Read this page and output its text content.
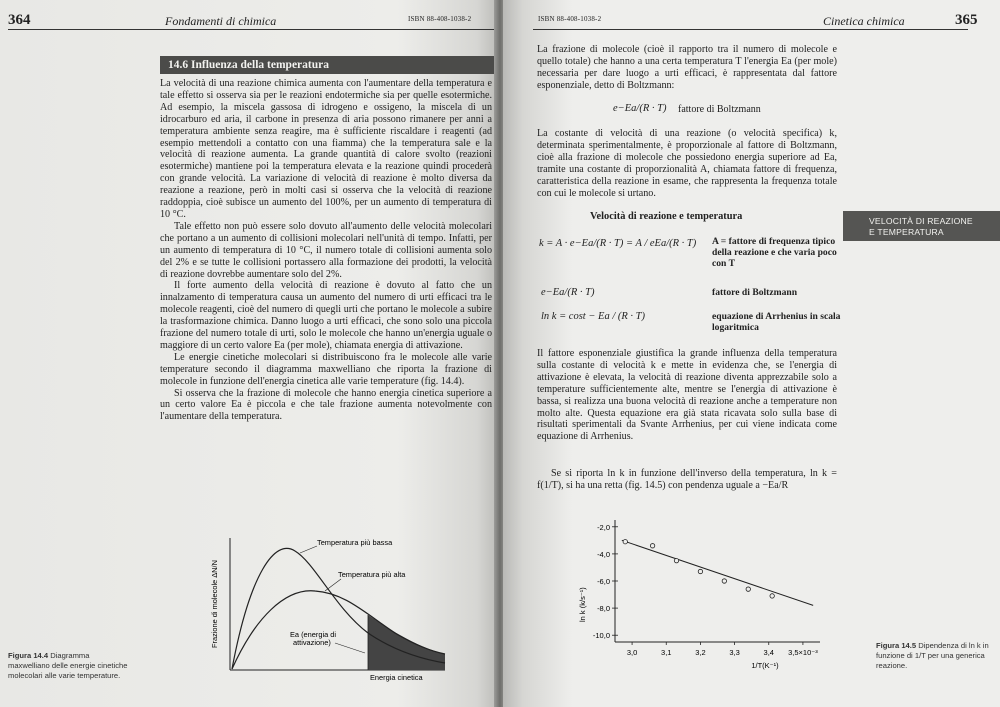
364	Fondamenti di chimica	ISBN 88-408-1038-2
14.6 Influenza della temperatura

La velocità di una reazione chimica aumenta con l'aumentare della temperatura e tale effetto si osserva sia per le reazioni endotermiche sia per quelle esotermiche. Ad esempio, la miscela gassosa di idrogeno e ossigeno, la miscela di un idrocarburo ed aria, il carbone in presenza di aria possono rimanere per anni a temperatura ambiente senza reagire, ma è sufficiente riscaldare i reagenti (ad esempio mettendoli a contatto con una fiamma) che la temperatura sale e la velocità di reazione aumenta. La grande quantità di calore svolto (reazioni esotermiche) mantiene poi la temperatura elevata e la reazione quindi procederà con grande velocità. La variazione di velocità di reazione è molto diversa da reazione a reazione, però in molti casi si osserva che la velocità di reazione raddoppia, cioè subisce un aumento del 100%, per un aumento di temperatura di 10 °C.

Tale effetto non può essere solo dovuto all'aumento delle velocità molecolari che portano a un aumento di collisioni molecolari nell'unità di tempo. Infatti, per un aumento di temperatura di 10 °C, il numero totale di collisioni aumenta solo del 2% e se tutte le collisioni portassero alla formazione dei prodotti, la velocità di reazione dovrebbe aumentare solo del 2%.

Il forte aumento della velocità di reazione è dovuto al fatto che un innalzamento di temperatura causa un aumento del numero di urti efficaci tra le molecole reagenti, cioè del numero di quegli urti che portano le molecole a subire la trasformazione chimica. Danno luogo a urti efficaci, che sono solo una piccola frazione del numero totale di urti, solo le molecole che hanno un'energia uguale o maggiore di un certo valore Ea (per mole), chiamata energia di attivazione.

Le energie cinetiche molecolari si distribuiscono fra le molecole alle varie temperature secondo il diagramma maxwelliano che riporta la frazione di molecole in funzione dell'energia cinetica alle varie temperature (fig. 14.4).

Si osserva che la frazione di molecole che hanno energia cinetica superiore a un certo valore Ea è piccola e che tale frazione aumenta notevolmente con l'aumentare della temperatura.

Temperatura più bassa
Temperatura più alta
Ea (energia di
attivazione)
Energia cinetica
Frazione di molecole ΔN/N
Figura 14.4 Diagramma maxwelliano delle energie cinetiche molecolari alle varie temperature.
ISBN 88-408-1038-2	Cinetica chimica	365
La frazione di molecole (cioè il rapporto tra il numero di molecole e quello totale) che hanno a una certa temperatura T l'energia Ea (per mole) necessaria per dare luogo a urti efficaci, è rappresentata dal fattore esponenziale, detto di Boltzmann:
e−Ea/(R · T) fattore di Boltzmann
La costante di velocità di una reazione (o velocità specifica) k, determinata sperimentalmente, è proporzionale al fattore di Boltzmann, cioè alla frazione di molecole che possiedono energia superiore ad Ea, tramite una costante di proporzionalità A, chiamata fattore di frequenza, caratteristica della reazione in esame, che rappresenta la frequenza totale con cui le molecole si urtano.
Velocità di reazione e temperatura
k = A · e−Ea/(R · T) = A / eEa/(R · T)	A = fattore di frequenza tipico della reazione e che varia poco con T
e−Ea/(R · T)	fattore di Boltzmann
ln k = cost − Ea / (R · T)	equazione di Arrhenius in scala logaritmica
Il fattore esponenziale giustifica la grande influenza della temperatura sulla costante di velocità k e mette in evidenza che, se l'energia di attivazione è elevata, la velocità di reazione diventa apprezzabile solo a temperature sufficientemente alte, mentre se l'energia di attivazione è bassa, si realizza una buona velocità di reazione anche a temperature non molto alte. Questa equazione era già stata ricavata solo sulla base di risultati sperimentali da Svante Arrhenius, per cui viene indicata come equazione di Arrhenius.
Se si riporta ln k in funzione dell'inverso della temperatura, ln k = f(1/T), si ha una retta (fig. 14.5) con pendenza uguale a −Ea/R
VELOCITÀ DI REAZIONE
E TEMPERATURA
-2,0
-4,0
-6,0
-8,0
-10,0
3,0	3,1	3,2	3,3	3,4 3,5×10⁻³
1/T(K⁻¹)
ln k (k/s⁻¹)
Figura 14.5 Dipendenza di ln k in funzione di 1/T per una generica reazione.
